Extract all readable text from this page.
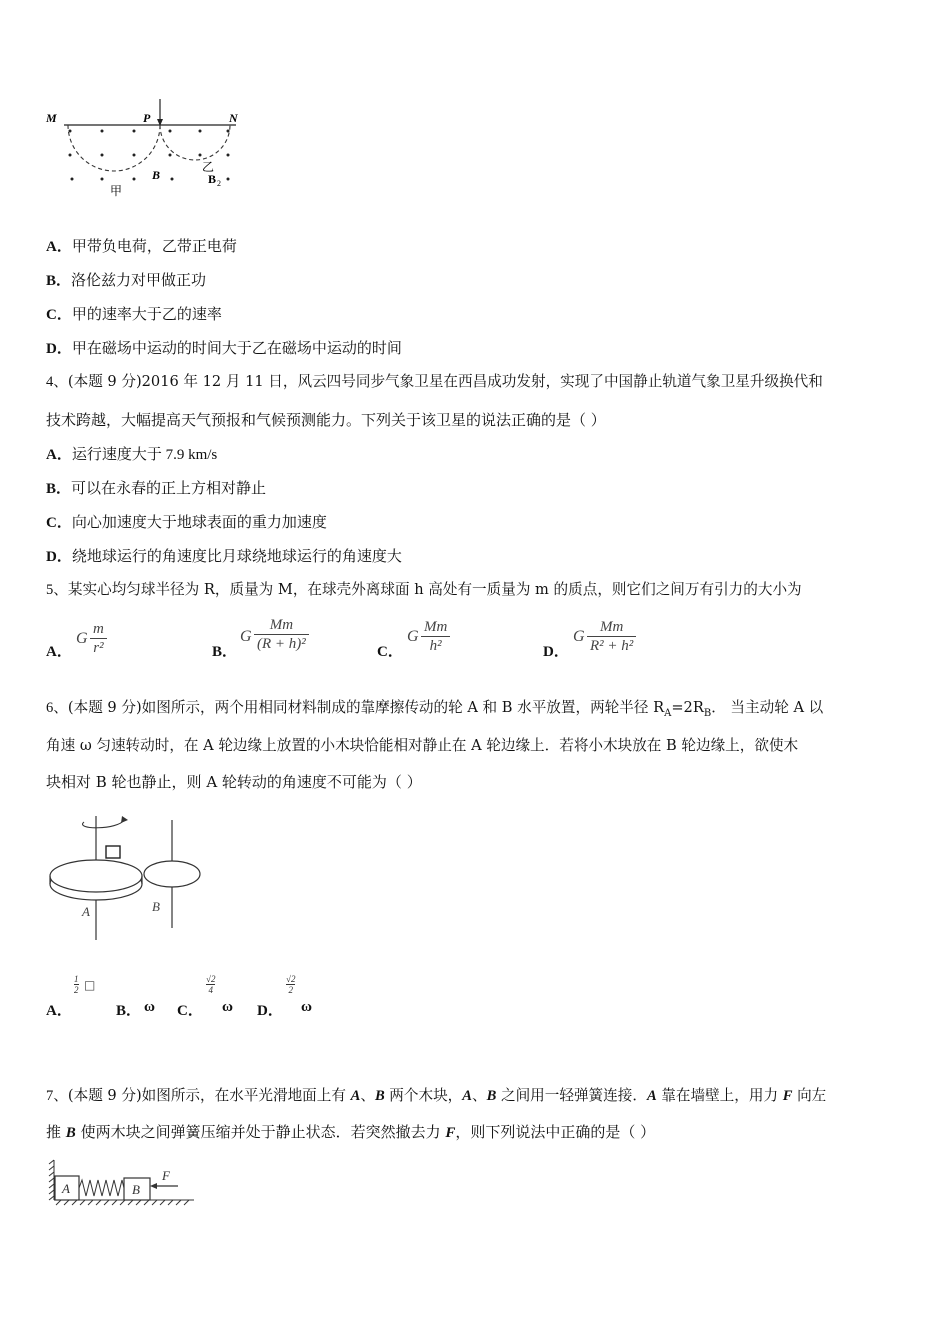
M	P	N
B
乙
B 2
甲
A．甲带负电荷，乙带正电荷
B．洛伦兹力对甲做正功
C．甲的速率大于乙的速率
D．甲在磁场中运动的时间大于乙在磁场中运动的时间
4、(本题 9 分)2016 年 12 月 11 日，风云四号同步气象卫星在西昌成功发射，实现了中国静止轨道气象卫星升级换代和
技术跨越，大幅提高天气预报和气候预测能力。下列关于该卫星的说法正确的是（ ）
A．运行速度大于 7.9 km/s
B．可以在永春的正上方相对静止
C．向心加速度大于地球表面的重力加速度
D．绕地球运行的角速度比月球绕地球运行的角速度大
5、某实心均匀球半径为 R，质量为 M，在球壳外离球面 h 高处有一质量为 m 的质点，则它们之间万有引力的大小为
A．
G $\frac{m}{\text{r²}}$	B．
G $\frac{Mm}{\text{(R + h)²}}$	C．
G $\frac{Mm}{\text{h²}}$	D．
G $\frac{Mm}{\text{R² + h²}}$
6、(本题 9 分)如图所示，两个用相同材料制成的靠摩擦传动的轮 A 和 B 水平放置，两轮半径 $R_A=2R_B$． 当主动轮 A 以
角速 ω 匀速转动时，在 A 轮边缘上放置的小木块恰能相对静止在 A 轮边缘上．若将小木块放在 B 轮边缘上，欲使木
块相对 B 轮也静止，则 A 轮转动的角速度不可能为（ ）
A	B
A．
$\frac{1}{2}$ □
B． ω C．
$\frac{√2}{4}$
ω D．
$\frac{√2}{2}$
ω
7、(本题 9 分)如图所示，在水平光滑地面上有 A、B 两个木块，A、B 之间用一轻弹簧连接．A 靠在墙壁上，用力 F 向左
推 B 使两木块之间弹簧压缩并处于静止状态．若突然撤去力 F，则下列说法中正确的是（ ）
A	B
F
